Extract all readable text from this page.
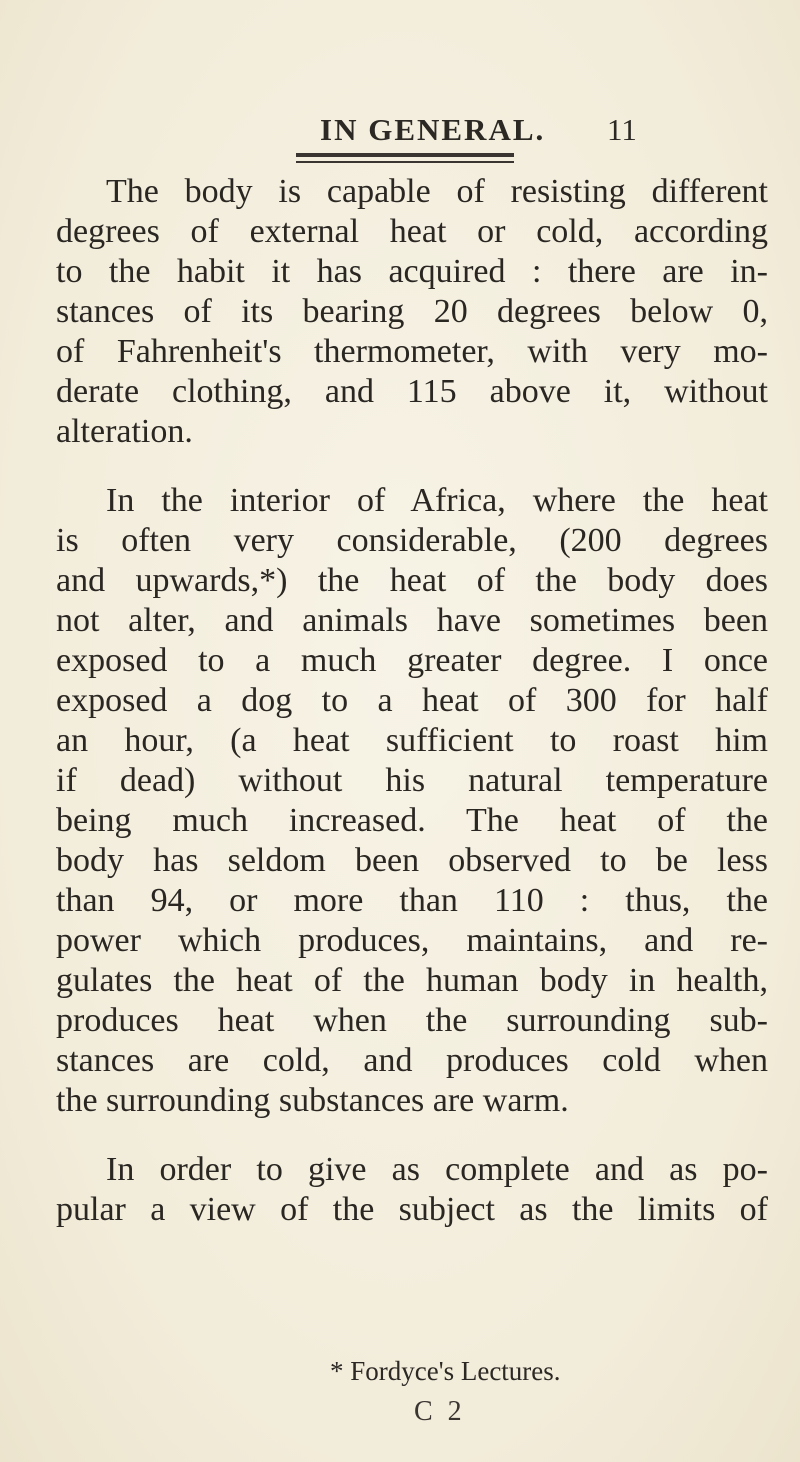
IN GENERAL. 11
The body is capable of resisting different
degrees of external heat or cold, according
to the habit it has acquired : there are in-
stances of its bearing 20 degrees below 0,
of Fahrenheit's thermometer, with very mo-
derate clothing, and 115 above it, without
alteration.
In the interior of Africa, where the heat
is often very considerable, (200 degrees
and upwards,*) the heat of the body does
not alter, and animals have sometimes been
exposed to a much greater degree. I once
exposed a dog to a heat of 300 for half
an hour, (a heat sufficient to roast him
if dead) without his natural temperature
being much increased. The heat of the
body has seldom been observed to be less
than 94, or more than 110 : thus, the
power which produces, maintains, and re-
gulates the heat of the human body in health,
produces heat when the surrounding sub-
stances are cold, and produces cold when
the surrounding substances are warm.
In order to give as complete and as po-
pular a view of the subject as the limits of
* Fordyce's Lectures.
C 2
